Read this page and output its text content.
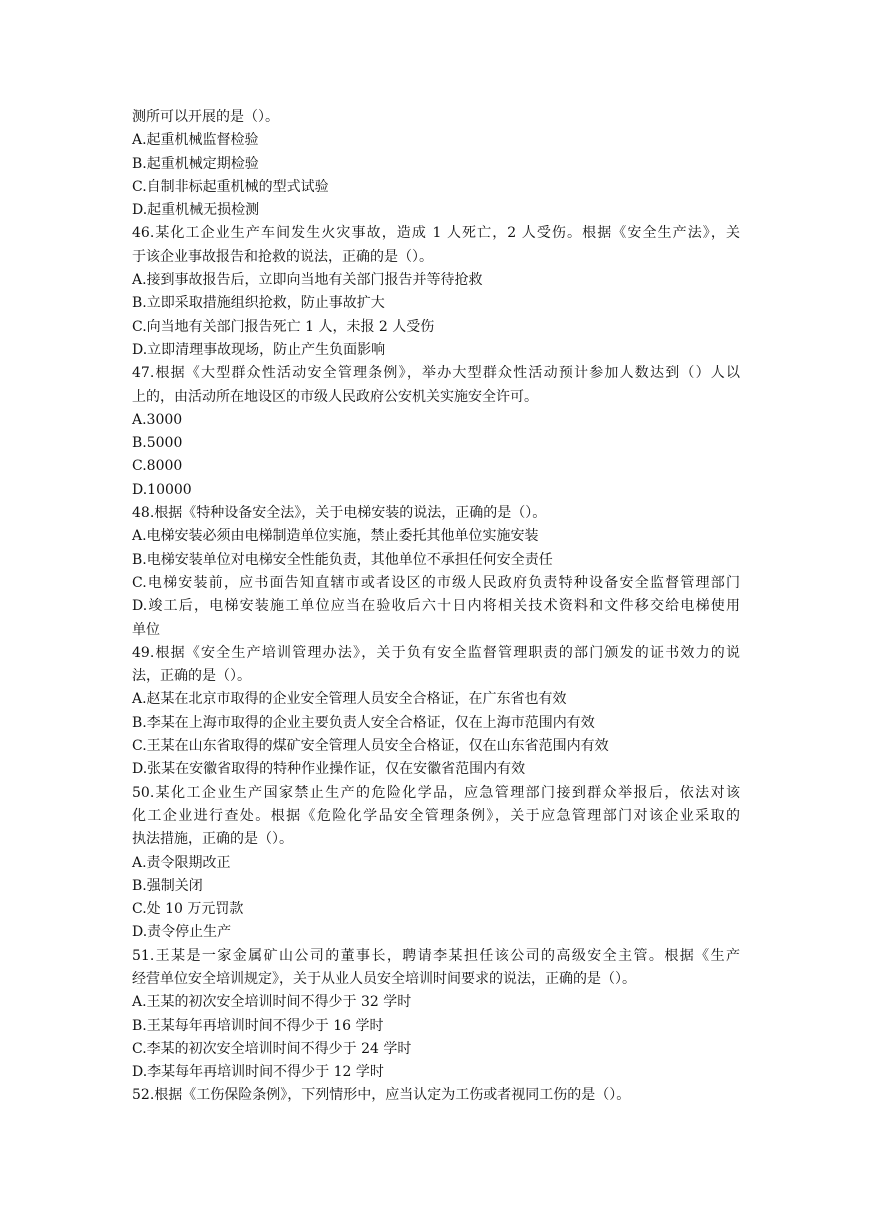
测所可以开展的是（）。
A.起重机械监督检验
B.起重机械定期检验
C.自制非标起重机械的型式试验
D.起重机械无损检测
46.某化工企业生产车间发生火灾事故，造成 1 人死亡，2 人受伤。根据《安全生产法》，关
于该企业事故报告和抢救的说法，正确的是（）。
A.接到事故报告后，立即向当地有关部门报告并等待抢救
B.立即采取措施组织抢救，防止事故扩大
C.向当地有关部门报告死亡 1 人，未报 2 人受伤
D.立即清理事故现场，防止产生负面影响
47.根据《大型群众性活动安全管理条例》，举办大型群众性活动预计参加人数达到（）人以
上的，由活动所在地设区的市级人民政府公安机关实施安全许可。
A.3000
B.5000
C.8000
D.10000
48.根据《特种设备安全法》，关于电梯安装的说法，正确的是（）。
A.电梯安装必须由电梯制造单位实施，禁止委托其他单位实施安装
B.电梯安装单位对电梯安全性能负责，其他单位不承担任何安全责任
C.电梯安装前，应书面告知直辖市或者设区的市级人民政府负责特种设备安全监督管理部门
D.竣工后，电梯安装施工单位应当在验收后六十日内将相关技术资料和文件移交给电梯使用
单位
49.根据《安全生产培训管理办法》，关于负有安全监督管理职责的部门颁发的证书效力的说
法，正确的是（）。
A.赵某在北京市取得的企业安全管理人员安全合格证，在广东省也有效
B.李某在上海市取得的企业主要负责人安全合格证，仅在上海市范围内有效
C.王某在山东省取得的煤矿安全管理人员安全合格证，仅在山东省范围内有效
D.张某在安徽省取得的特种作业操作证，仅在安徽省范围内有效
50.某化工企业生产国家禁止生产的危险化学品，应急管理部门接到群众举报后，依法对该
化工企业进行查处。根据《危险化学品安全管理条例》，关于应急管理部门对该企业采取的
执法措施，正确的是（）。
A.责令限期改正
B.强制关闭
C.处 10 万元罚款
D.责令停止生产
51.王某是一家金属矿山公司的董事长，聘请李某担任该公司的高级安全主管。根据《生产
经营单位安全培训规定》，关于从业人员安全培训时间要求的说法，正确的是（）。
A.王某的初次安全培训时间不得少于 32 学时
B.王某每年再培训时间不得少于 16 学时
C.李某的初次安全培训时间不得少于 24 学时
D.李某每年再培训时间不得少于 12 学时
52.根据《工伤保险条例》，下列情形中，应当认定为工伤或者视同工伤的是（）。
